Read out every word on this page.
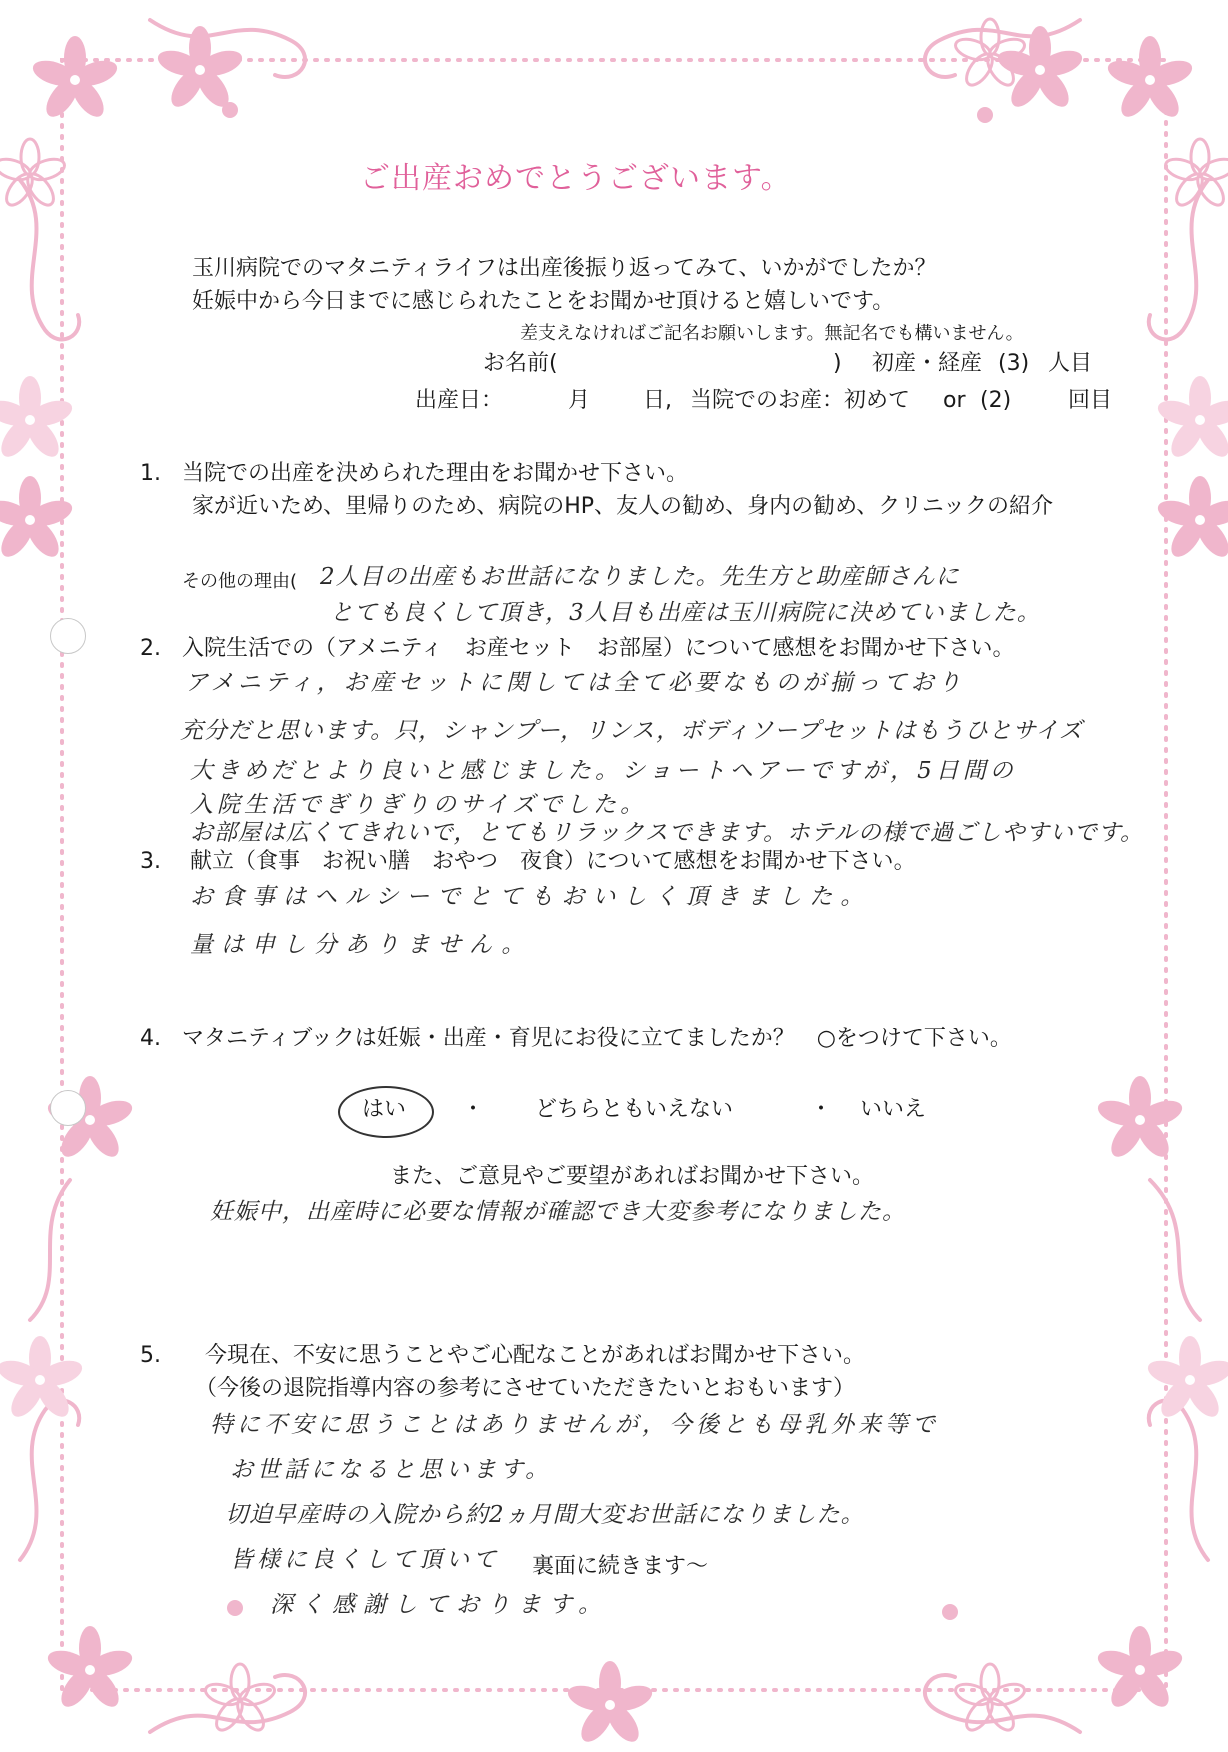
ご出産おめでとうございます。
玉川病院でのマタニティライフは出産後振り返ってみて、いかがでしたか？
妊娠中から今日までに感じられたことをお聞かせ頂けると嬉しいです。
差支えなければご記名お願いします。無記名でも構いません。
お名前(	) 初産・経産 (3) 人目
出産日：	月 日, 当院でのお産：初めて or (2)	回目
1. 当院での出産を決められた理由をお聞かせ下さい。
家が近いため、里帰りのため、病院のHP、友人の勧め、身内の勧め、クリニックの紹介
その他の理由( 2人目の出産もお世話になりました。先生方と助産師さんに
とても良くして頂き，3人目も出産は玉川病院に決めていました。
2. 入院生活での（アメニティ　お産セット　お部屋）について感想をお聞かせ下さい。
アメニティ，お産セットに関しては全て必要なものが揃っており
充分だと思います。只，シャンプー，リンス，ボディソープセットはもうひとサイズ
大きめだとより良いと感じました。ショートヘアーですが，5日間の
入院生活でぎりぎりのサイズでした。
お部屋は広くてきれいで，とてもリラックスできます。ホテルの様で過ごしやすいです。
3. 献立（食事　お祝い膳　おやつ　夜食）について感想をお聞かせ下さい。
お食事はヘルシーでとてもおいしく頂きました。
量は申し分ありません。
4. マタニティブックは妊娠・出産・育児にお役に立てましたか？　○をつけて下さい。
はい	・ どちらともいえない	・ いいえ
また、ご意見やご要望があればお聞かせ下さい。
妊娠中，出産時に必要な情報が確認でき大変参考になりました。
5. 今現在、不安に思うことやご心配なことがあればお聞かせ下さい。
（今後の退院指導内容の参考にさせていただきたいとおもいます）
特に不安に思うことはありませんが，今後とも母乳外来等で
お世話になると思います。
切迫早産時の入院から約2ヵ月間大変お世話になりました。
皆様に良くして頂いて 裏面に続きます～
深く感謝しております。
